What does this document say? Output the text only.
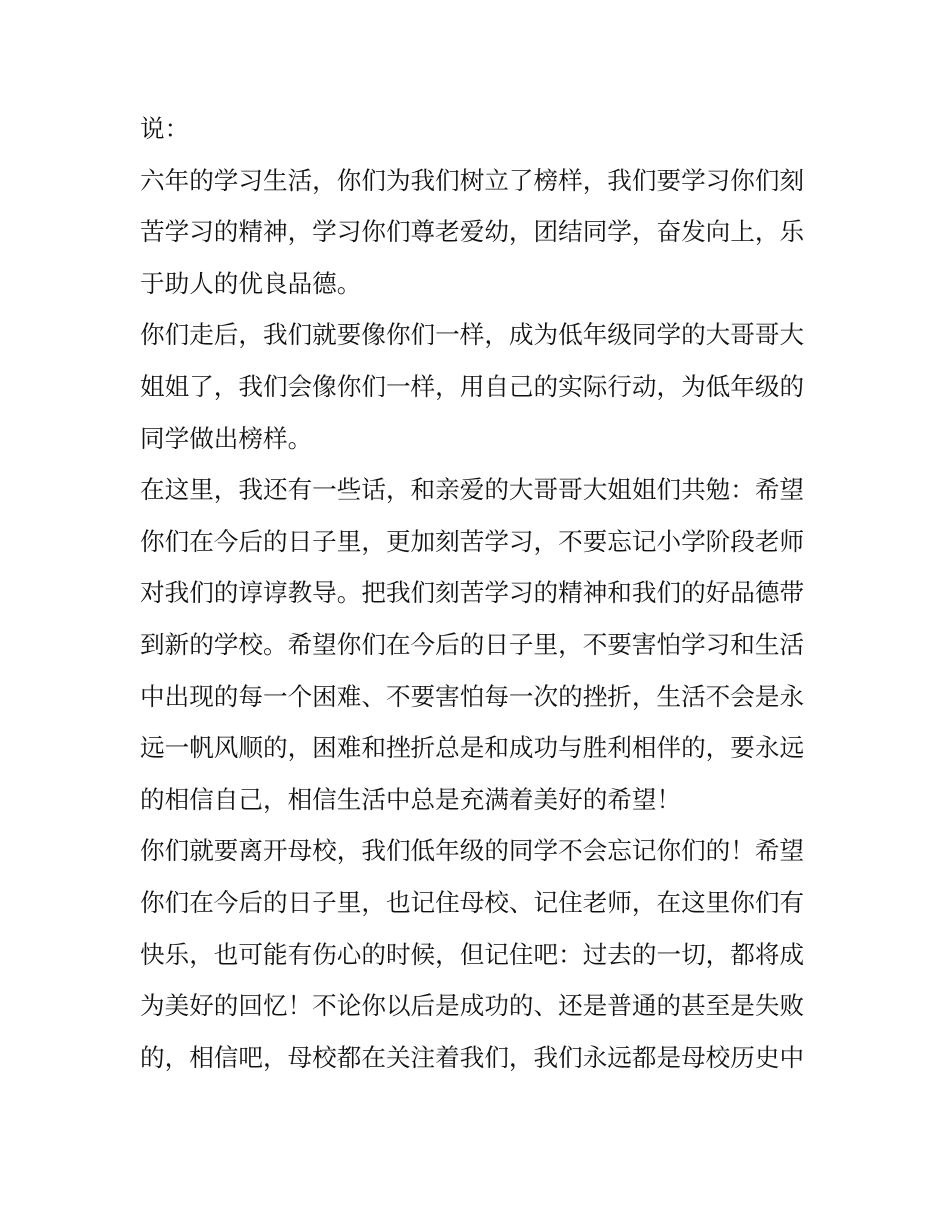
说：
六年的学习生活，你们为我们树立了榜样，我们要学习你们刻
苦学习的精神，学习你们尊老爱幼，团结同学，奋发向上，乐
于助人的优良品德。
你们走后，我们就要像你们一样，成为低年级同学的大哥哥大
姐姐了，我们会像你们一样，用自己的实际行动，为低年级的
同学做出榜样。
在这里，我还有一些话，和亲爱的大哥哥大姐姐们共勉：希望
你们在今后的日子里，更加刻苦学习，不要忘记小学阶段老师
对我们的谆谆教导。把我们刻苦学习的精神和我们的好品德带
到新的学校。希望你们在今后的日子里，不要害怕学习和生活
中出现的每一个困难、不要害怕每一次的挫折，生活不会是永
远一帆风顺的，困难和挫折总是和成功与胜利相伴的，要永远
的相信自己，相信生活中总是充满着美好的希望！
你们就要离开母校，我们低年级的同学不会忘记你们的！希望
你们在今后的日子里，也记住母校、记住老师，在这里你们有
快乐，也可能有伤心的时候，但记住吧：过去的一切，都将成
为美好的回忆！不论你以后是成功的、还是普通的甚至是失败
的，相信吧，母校都在关注着我们，我们永远都是母校历史中
